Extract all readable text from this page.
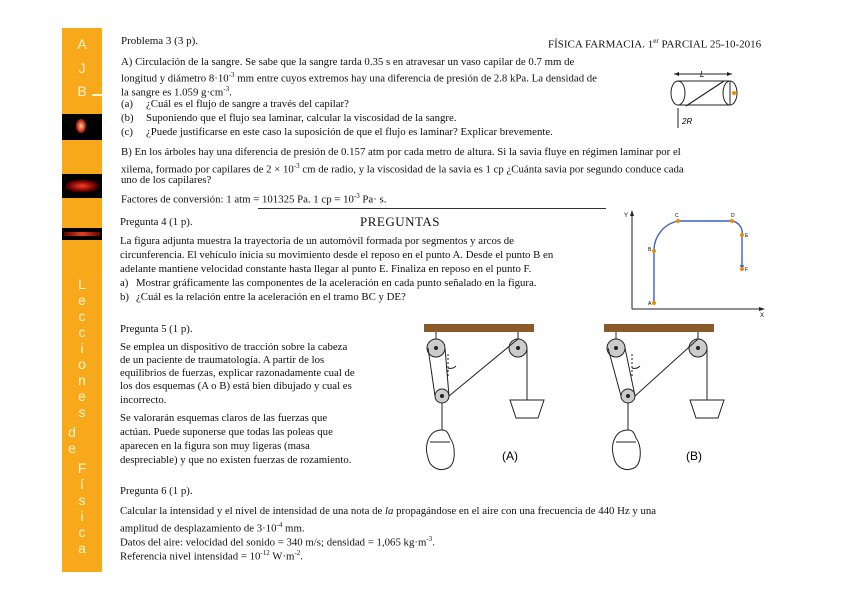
A
J
B
L
e
c
c
i
o
n
e
s
d
e
F
í
s
i
c
a
Problema 3 (3 p).	FÍSICA FARMACIA. 1er PARCIAL 25-10-2016
A) Circulación de la sangre. Se sabe que la sangre tarda 0.35 s en atravesar un vaso capilar de 0.7 mm de
longitud y diámetro $8\cdot 10^{-3}$ mm entre cuyos extremos hay una diferencia de presión de 2.8 kPa. La densidad de
la sangre es 1.059 $g\cdot cm^{-3}$.
(a) ¿Cuál es el flujo de sangre a través del capilar?
(b) Suponiendo que el flujo sea laminar, calcular la viscosidad de la sangre.
(c) ¿Puede justificarse en este caso la suposición de que el flujo es laminar? Explicar brevemente.
L
2R
B) En los árboles hay una diferencia de presión de 0.157 atm por cada metro de altura. Si la savia fluye en régimen laminar por el
xilema, formado por capilares de $2 \times 10^{-3}$ cm de radio, y la viscosidad de la savia es 1 cp ¿Cuánta savia por segundo conduce cada
uno de los capilares?
Factores de conversión: 1 atm = 101325 Pa. 1 cp = $10^{-3}$ Pa· s.
Pregunta 4 (1 p).	PREGUNTAS
La figura adjunta muestra la trayectoria de un automóvil formada por segmentos y arcos de
circunferencia. El vehículo inicia su movimiento desde el reposo en el punto A. Desde el punto B en
adelante mantiene velocidad constante hasta llegar al punto E. Finaliza en reposo en el punto F.
a) Mostrar gráficamente las componentes de la aceleración en cada punto señalado en la figura.
b) ¿Cuál es la relación entre la aceleración en el tramo BC y DE?
Y
X
A
B
C	D
E
F
Pregunta 5 (1 p).
Se emplea un dispositivo de tracción sobre la cabeza
de un paciente de traumatología. A partir de los
equilibrios de fuerzas, explicar razonadamente cual de
los dos esquemas (A o B) está bien dibujado y cual es
incorrecto.
Se valorarán esquemas claros de las fuerzas que
actúan. Puede suponerse que todas las poleas que
aparecen en la figura son muy ligeras (masa
despreciable) y que no existen fuerzas de rozamiento.	(A)	(B)
Pregunta 6 (1 p).
Calcular la intensidad y el nivel de intensidad de una nota de la propagándose en el aire con una frecuencia de 440 Hz y una
amplitud de desplazamiento de $3\cdot 10^{-4}$ mm.
Datos del aire: velocidad del sonido = 340 m/s; densidad = 1,065 $kg\cdot m^{-3}$.
Referencia nivel intensidad = $10^{-12}$ $W\cdot m^{-2}$.
